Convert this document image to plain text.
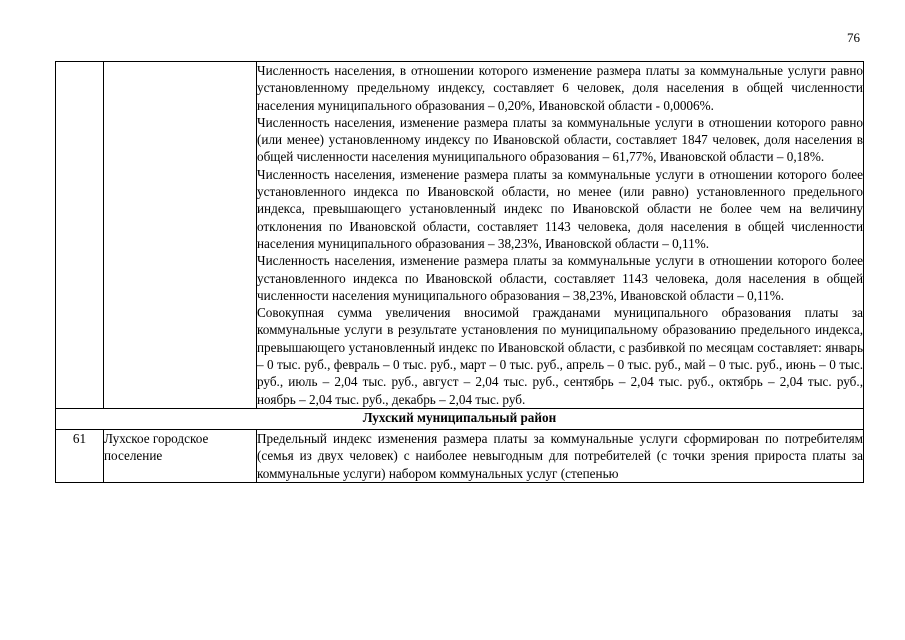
76

		Численность населения, в отношении которого изменение размера платы за коммунальные услуги равно установленному предельному индексу, составляет 6 человек, доля населения в общей численности населения муниципального образования – 0,20%, Ивановской области - 0,0006%.

Численность населения, изменение размера платы за коммунальные услуги в отношении которого равно (или менее) установленному индексу по Ивановской области, составляет 1847 человек, доля населения в общей численности населения муниципального образования – 61,77%, Ивановской области – 0,18%.

Численность населения, изменение размера платы за коммунальные услуги в отношении которого более установленного индекса по Ивановской области, но менее (или равно) установленного предельного индекса, превышающего установленный индекс по Ивановской области не более чем на величину отклонения по Ивановской области, составляет 1143 человека, доля населения в общей численности населения муниципального образования – 38,23%, Ивановской области – 0,11%.

Численность населения, изменение размера платы за коммунальные услуги в отношении которого более установленного индекса по Ивановской области, составляет 1143 человека, доля населения в общей численности населения муниципального образования – 38,23%, Ивановской области – 0,11%.

Совокупная сумма увеличения вносимой гражданами муниципального образования платы за коммунальные услуги в результате установления по муниципальному образованию предельного индекса, превышающего установленный индекс по Ивановской области, с разбивкой по месяцам составляет: январь – 0 тыс. руб., февраль – 0 тыс. руб., март – 0 тыс. руб., апрель – 0 тыс. руб., май – 0 тыс. руб., июнь – 0 тыс. руб., июль – 2,04 тыс. руб., август – 2,04 тыс. руб., сентябрь – 2,04 тыс. руб., октябрь – 2,04 тыс. руб., ноябрь – 2,04 тыс. руб., декабрь – 2,04 тыс. руб.

Лухский муниципальный район		
61	Лухское городское поселение	Предельный индекс изменения размера платы за коммунальные услуги сформирован по потребителям (семья из двух человек) с наиболее невыгодным для потребителей (с точки зрения прироста платы за коммунальные услуги) набором коммунальных услуг (степенью
